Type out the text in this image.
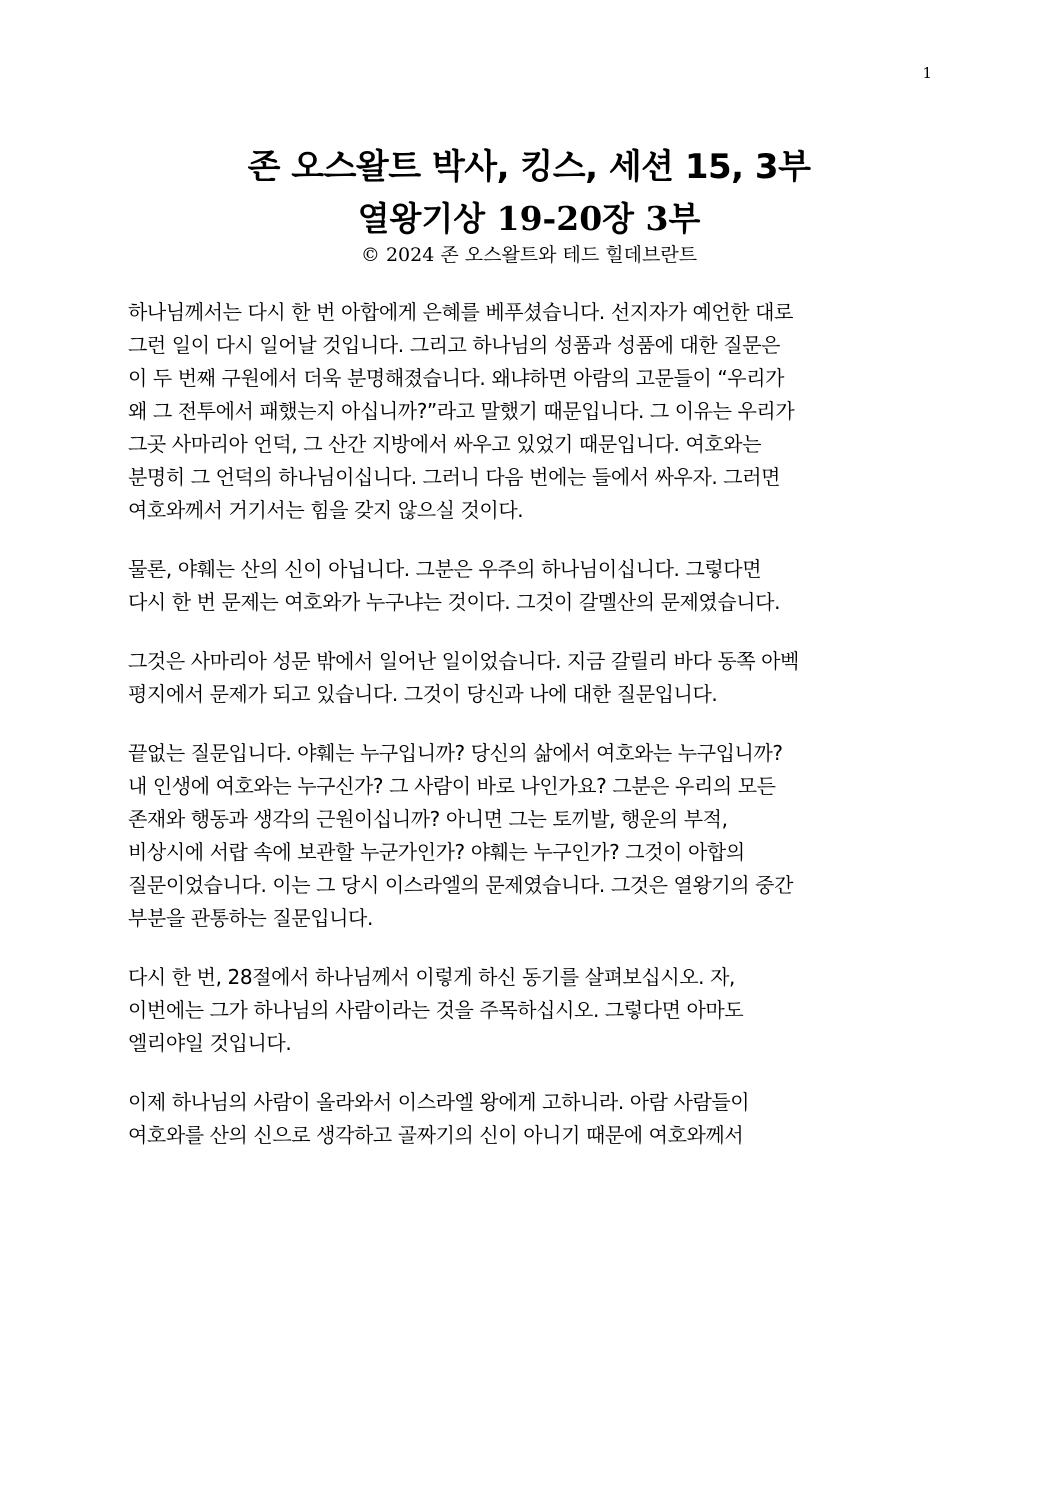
1
존 오스왈트 박사, 킹스, 세션 15, 3부
열왕기상 19-20장 3부

© 2024 존 오스왈트와 테드 힐데브란트

하나님께서는 다시 한 번 아합에게 은혜를 베푸셨습니다. 선지자가 예언한 대로
그런 일이 다시 일어날 것입니다. 그리고 하나님의 성품과 성품에 대한 질문은
이 두 번째 구원에서 더욱 분명해졌습니다. 왜냐하면 아람의 고문들이 “우리가
왜 그 전투에서 패했는지 아십니까?”라고 말했기 때문입니다. 그 이유는 우리가
그곳 사마리아 언덕, 그 산간 지방에서 싸우고 있었기 때문입니다. 여호와는
분명히 그 언덕의 하나님이십니다. 그러니 다음 번에는 들에서 싸우자. 그러면
여호와께서 거기서는 힘을 갖지 않으실 것이다.

물론, 야훼는 산의 신이 아닙니다. 그분은 우주의 하나님이십니다. 그렇다면
다시 한 번 문제는 여호와가 누구냐는 것이다. 그것이 갈멜산의 문제였습니다.

그것은 사마리아 성문 밖에서 일어난 일이었습니다. 지금 갈릴리 바다 동쪽 아벡
평지에서 문제가 되고 있습니다. 그것이 당신과 나에 대한 질문입니다.

끝없는 질문입니다. 야훼는 누구입니까? 당신의 삶에서 여호와는 누구입니까?
내 인생에 여호와는 누구신가? 그 사람이 바로 나인가요? 그분은 우리의 모든
존재와 행동과 생각의 근원이십니까? 아니면 그는 토끼발, 행운의 부적,
비상시에 서랍 속에 보관할 누군가인가? 야훼는 누구인가? 그것이 아합의
질문이었습니다. 이는 그 당시 이스라엘의 문제였습니다. 그것은 열왕기의 중간
부분을 관통하는 질문입니다.

다시 한 번, 28절에서 하나님께서 이렇게 하신 동기를 살펴보십시오. 자,
이번에는 그가 하나님의 사람이라는 것을 주목하십시오. 그렇다면 아마도
엘리야일 것입니다.

이제 하나님의 사람이 올라와서 이스라엘 왕에게 고하니라. 아람 사람들이
여호와를 산의 신으로 생각하고 골짜기의 신이 아니기 때문에 여호와께서
